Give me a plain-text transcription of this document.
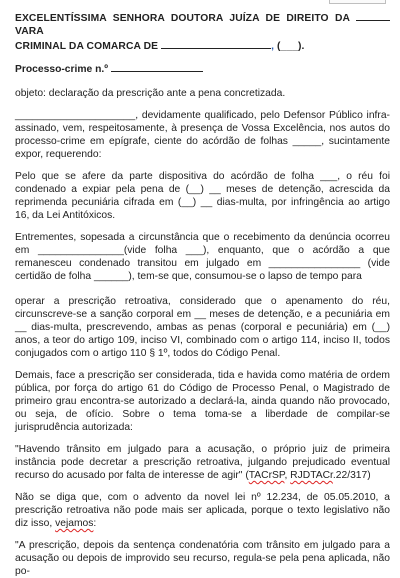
EXCELENTÍSSIMA SENHORA DOUTORA JUÍZA DE DIREITO DA  VARA
CRIMINAL DA COMARCA DE	, (___).
Processo-crime n.º
objeto: declaração da prescrição ante a pena concretizada.

_____________________, devidamente qualificado, pelo Defensor Público infra-assinado, vem, respeitosamente, à presença de Vossa Excelência, nos autos do processo-crime em epígrafe, ciente do acórdão de folhas _____, sucintamente expor, requerendo:

Pelo que se afere da parte dispositiva do acórdão de folha ___, o réu foi condenado a expiar pela pena de (__) __ meses de detenção, acrescida da reprimenda pecuniária cifrada em (__) __ dias-multa, por infringência ao artigo 16, da Lei Antitóxicos.

Entrementes, sopesada a circunstância que o recebimento da denúncia ocorreu em _______________(vide folha ___), enquanto, que o acórdão a que remanesceu condenado transitou em julgado em ________________ (vide certidão de folha ______), tem-se que, consumou-se o lapso de tempo para

operar a prescrição retroativa, considerado que o apenamento do réu, circunscreve-se a sanção corporal em __ meses de detenção, e a pecuniária em __ dias-multa, prescrevendo, ambas as penas (corporal e pecuniária) em (__) anos, a teor do artigo 109, inciso VI, combinado com o artigo 114, inciso II, todos conjugados com o artigo 110 § 1º, todos do Código Penal.

Demais, face a prescrição ser considerada, tida e havida como matéria de ordem pública, por força do artigo 61 do Código de Processo Penal, o Magistrado de primeiro grau encontra-se autorizado a declará-la, ainda quando não provocado, ou seja, de ofício. Sobre o tema toma-se a liberdade de compilar-se jurisprudência autorizada:

"Havendo trânsito em julgado para a acusação, o próprio juiz de primeira instância pode decretar a prescrição retroativa, julgando prejudicado eventual recurso do acusado por falta de interesse de agir" (TACrSP, RJDTACr.22/317)

Não se diga que, com o advento da novel lei nº 12.234, de 05.05.2010, a prescrição retroativa não pode mais ser aplicada, porque o texto legislativo não diz isso, vejamos:

"A prescrição, depois da sentença condenatória com trânsito em julgado para a acusação ou depois de improvido seu recurso, regula-se pela pena aplicada, não po-
